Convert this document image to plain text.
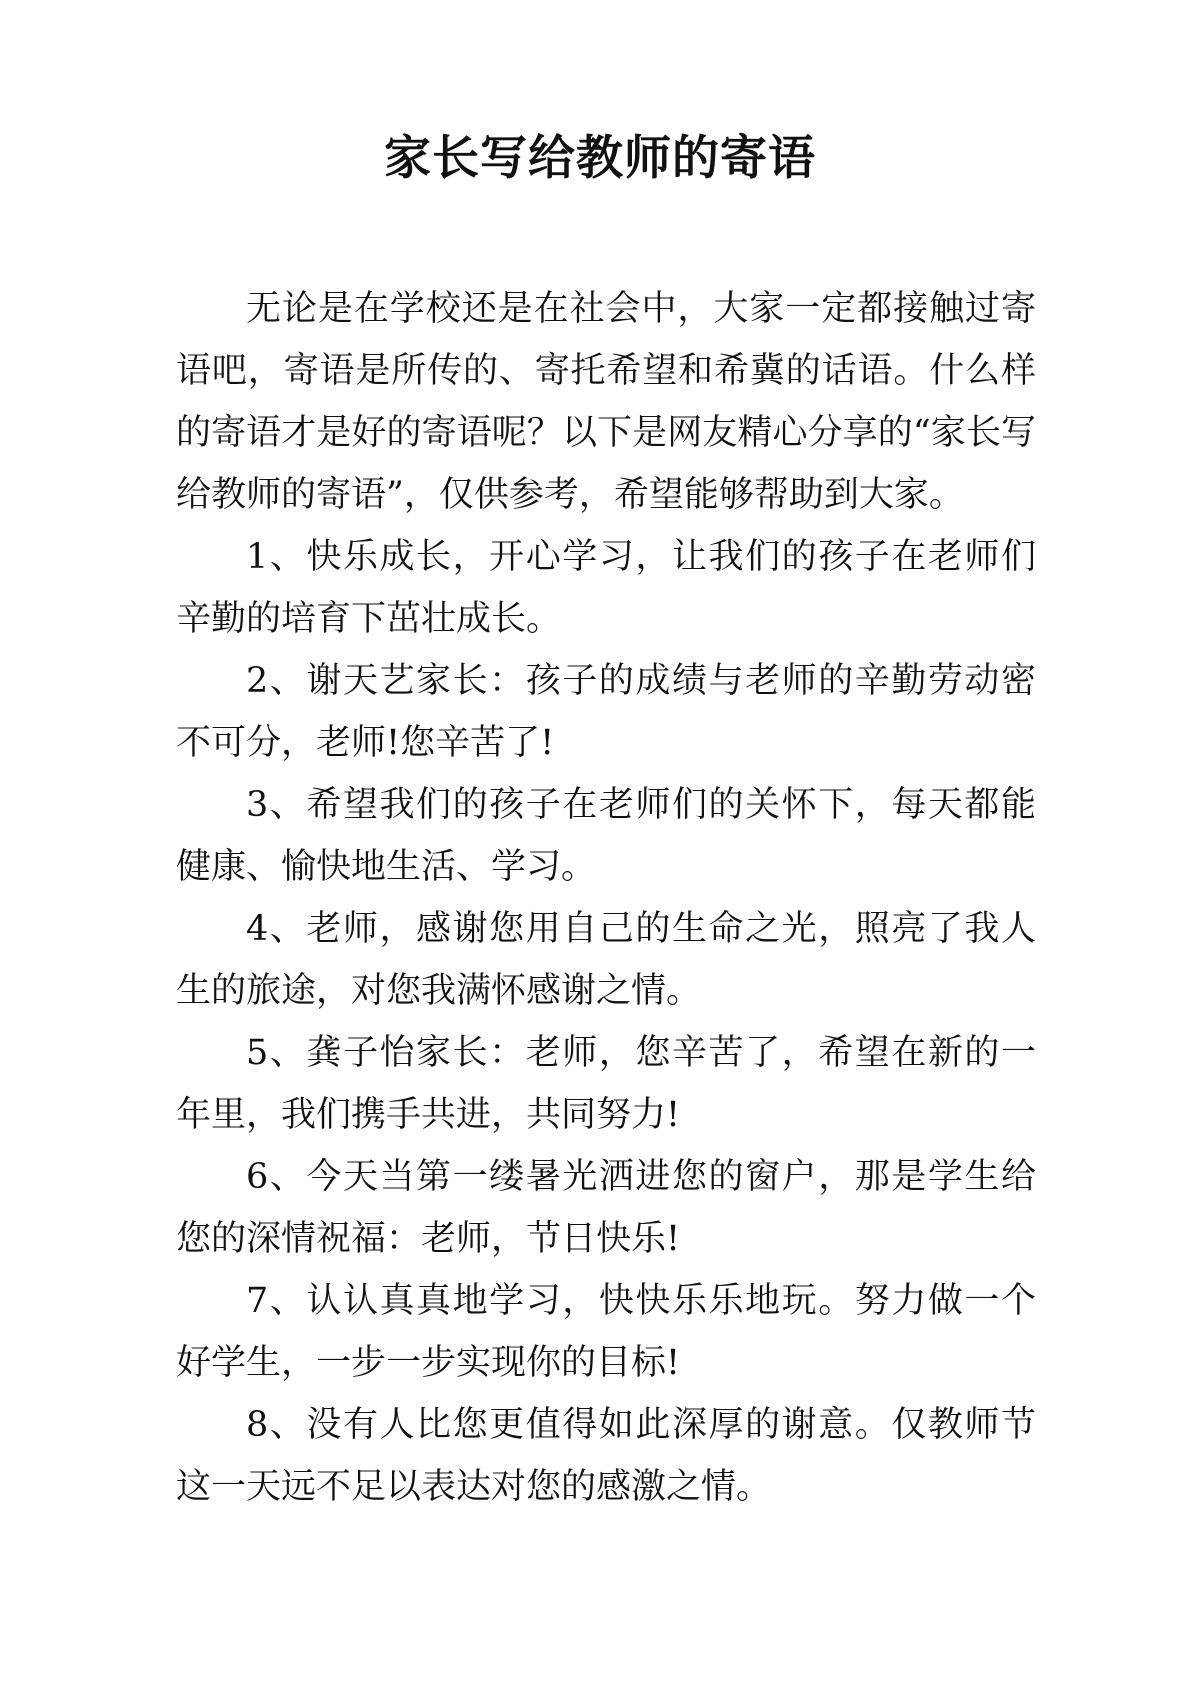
家长写给教师的寄语

无论是在学校还是在社会中，大家一定都接触过寄语吧，寄语是所传的、寄托希望和希冀的话语。什么样的寄语才是好的寄语呢？以下是网友精心分享的“家长写给教师的寄语”，仅供参考，希望能够帮助到大家。

1、快乐成长，开心学习，让我们的孩子在老师们辛勤的培育下茁壮成长。

2、谢天艺家长：孩子的成绩与老师的辛勤劳动密不可分，老师!您辛苦了!

3、希望我们的孩子在老师们的关怀下，每天都能健康、愉快地生活、学习。

4、老师，感谢您用自己的生命之光，照亮了我人生的旅途，对您我满怀感谢之情。

5、龚子怡家长：老师，您辛苦了，希望在新的一年里，我们携手共进，共同努力!

6、今天当第一缕暑光洒进您的窗户，那是学生给您的深情祝福：老师，节日快乐!

7、认认真真地学习，快快乐乐地玩。努力做一个好学生，一步一步实现你的目标!

8、没有人比您更值得如此深厚的谢意。仅教师节这一天远不足以表达对您的感激之情。
